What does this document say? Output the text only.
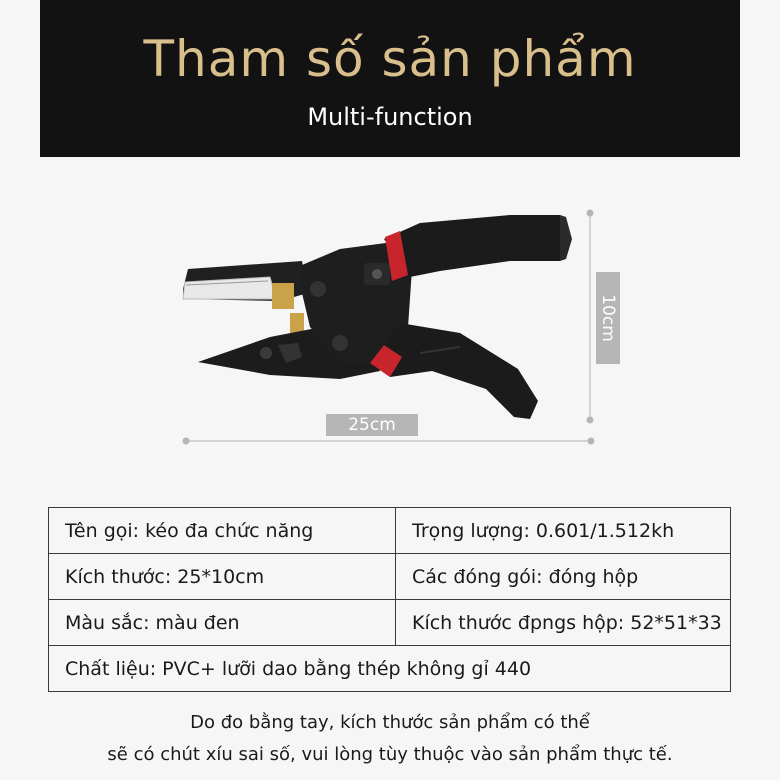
Tham số sản phẩm
Multi-function
25cm
10cm
Tên gọi: kéo đa chức năng	Trọng lượng: 0.601/1.512kh
Kích thước: 25*10cm	Các đóng gói: đóng hộp
Màu sắc: màu đen	Kích thước đpngs hộp: 52*51*33
Chất liệu: PVC+ lưỡi dao bằng thép không gỉ 440	
Do đo bằng tay, kích thước sản phẩm có thể
sẽ có chút xíu sai số, vui lòng tùy thuộc vào sản phẩm thực tế.
